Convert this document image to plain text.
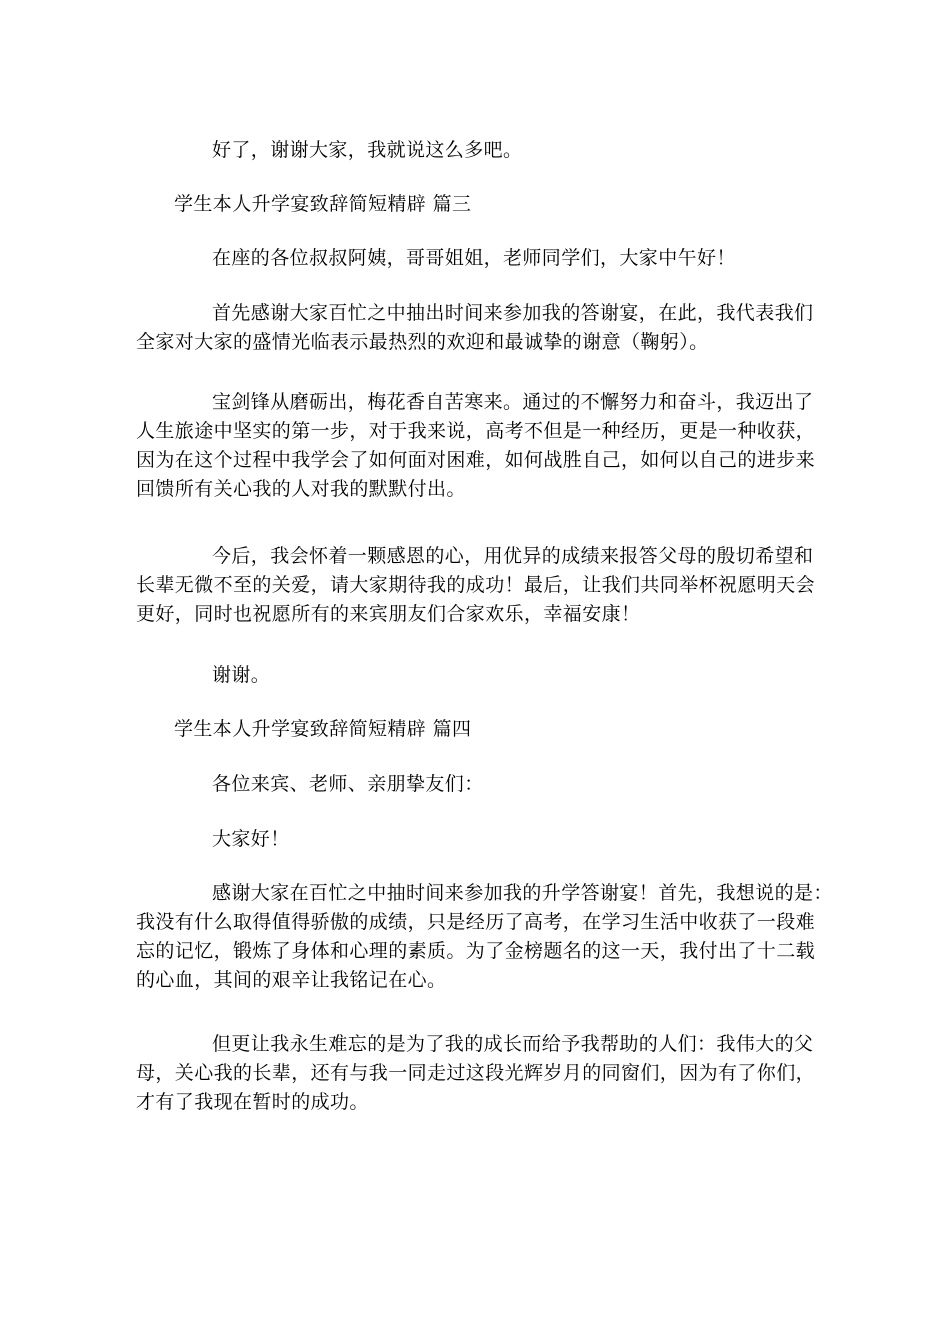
好了，谢谢大家，我就说这么多吧。

学生本人升学宴致辞简短精辟 篇三

在座的各位叔叔阿姨，哥哥姐姐，老师同学们，大家中午好！

首先感谢大家百忙之中抽出时间来参加我的答谢宴，在此，我代表我们
全家对大家的盛情光临表示最热烈的欢迎和最诚挚的谢意（鞠躬）。

宝剑锋从磨砺出，梅花香自苦寒来。通过的不懈努力和奋斗，我迈出了
人生旅途中坚实的第一步，对于我来说，高考不但是一种经历，更是一种收获，
因为在这个过程中我学会了如何面对困难，如何战胜自己，如何以自己的进步来
回馈所有关心我的人对我的默默付出。

今后，我会怀着一颗感恩的心，用优异的成绩来报答父母的殷切希望和
长辈无微不至的关爱，请大家期待我的成功！最后，让我们共同举杯祝愿明天会
更好，同时也祝愿所有的来宾朋友们合家欢乐，幸福安康！

谢谢。

学生本人升学宴致辞简短精辟 篇四

各位来宾、老师、亲朋挚友们：

大家好！

感谢大家在百忙之中抽时间来参加我的升学答谢宴！首先，我想说的是：
我没有什么取得值得骄傲的成绩，只是经历了高考，在学习生活中收获了一段难
忘的记忆，锻炼了身体和心理的素质。为了金榜题名的这一天，我付出了十二载
的心血，其间的艰辛让我铭记在心。

但更让我永生难忘的是为了我的成长而给予我帮助的人们：我伟大的父
母，关心我的长辈，还有与我一同走过这段光辉岁月的同窗们，因为有了你们，
才有了我现在暂时的成功。
